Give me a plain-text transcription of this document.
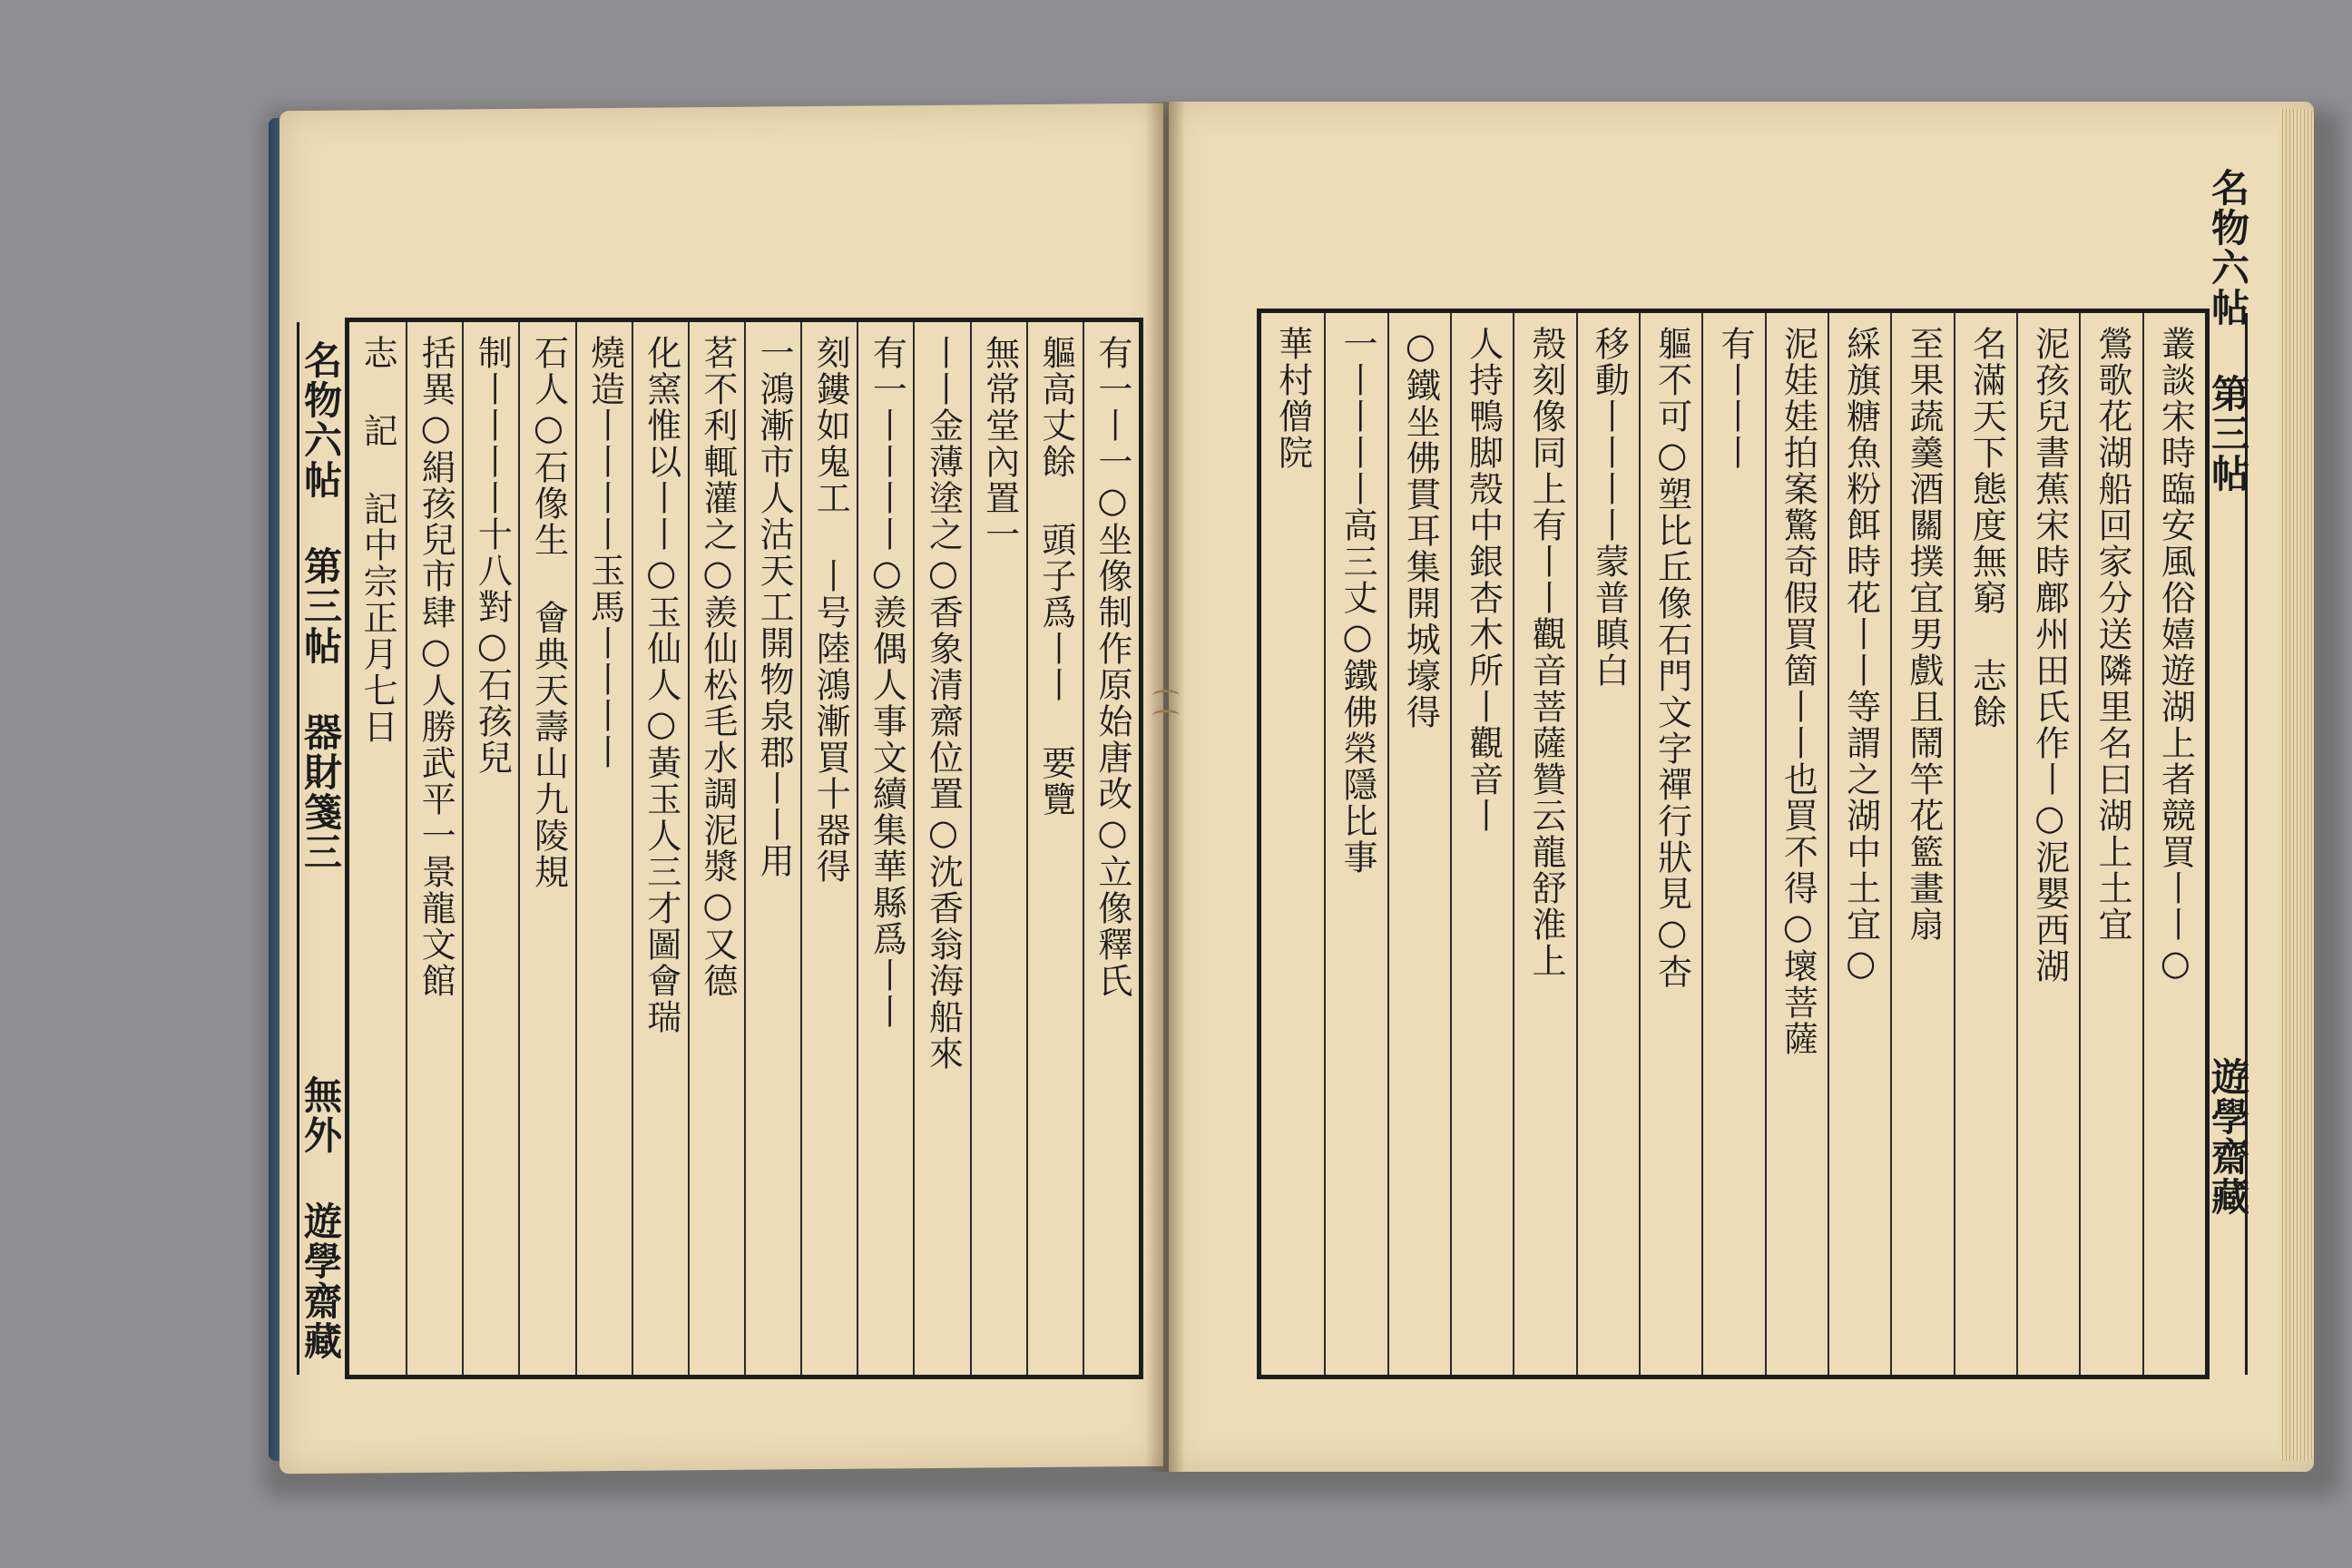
名物六帖 第三帖 器財箋三
無外 遊學齋藏
有一丨一○坐像制作原始唐改○立像釋氏
軀高丈餘 頭子爲丨丨 要覽
無常堂內置一
丨丨金薄塗之○香象清齋位置○沈香翁海船來
有一丨丨丨丨○羨偶人事文續集華縣爲丨丨
刻鏤如鬼工 丨号陸鴻漸買十器得
一鴻漸市人沽天工開物泉郡丨丨用
茗不利輒灌之○羨仙松毛水調泥漿○又德
化窯惟以丨丨○玉仙人○黃玉人三才圖會瑞
燒造丨丨丨丨玉馬丨丨丨丨
石人○石像生 會典天壽山九陵規
制丨丨丨丨十八對○石孩兒
括異○絹孩兒市肆○人勝武平一景龍文館
志 記 記中宗正月七日
名物六帖 第三帖
遊學齋藏
叢談宋時臨安風俗嬉遊湖上者競買丨丨○
鶯歌花湖船回家分送隣里名曰湖上土宜
泥孩兒書蕉宋時鄜州田氏作丨○泥嬰西湖
名滿天下態度無窮 志餘
至果蔬羹酒關撲宜男戲且鬧竿花籃畫扇
綵旗糖魚粉餌時花丨丨等謂之湖中土宜○
泥娃娃拍案驚奇假買箇丨丨也買不得○壞菩薩
有丨丨丨
軀不可○塑比丘像石門文字禪行狀見○杏
移動丨丨丨丨蒙普瞋白
殼刻像同上有丨丨觀音菩薩贊云龍舒淮上
人持鴨脚殼中銀杏木所丨觀音丨
○鐵坐佛貫耳集開城壕得
一丨丨丨丨高三丈○鐵佛榮隱比事
華村僧院
